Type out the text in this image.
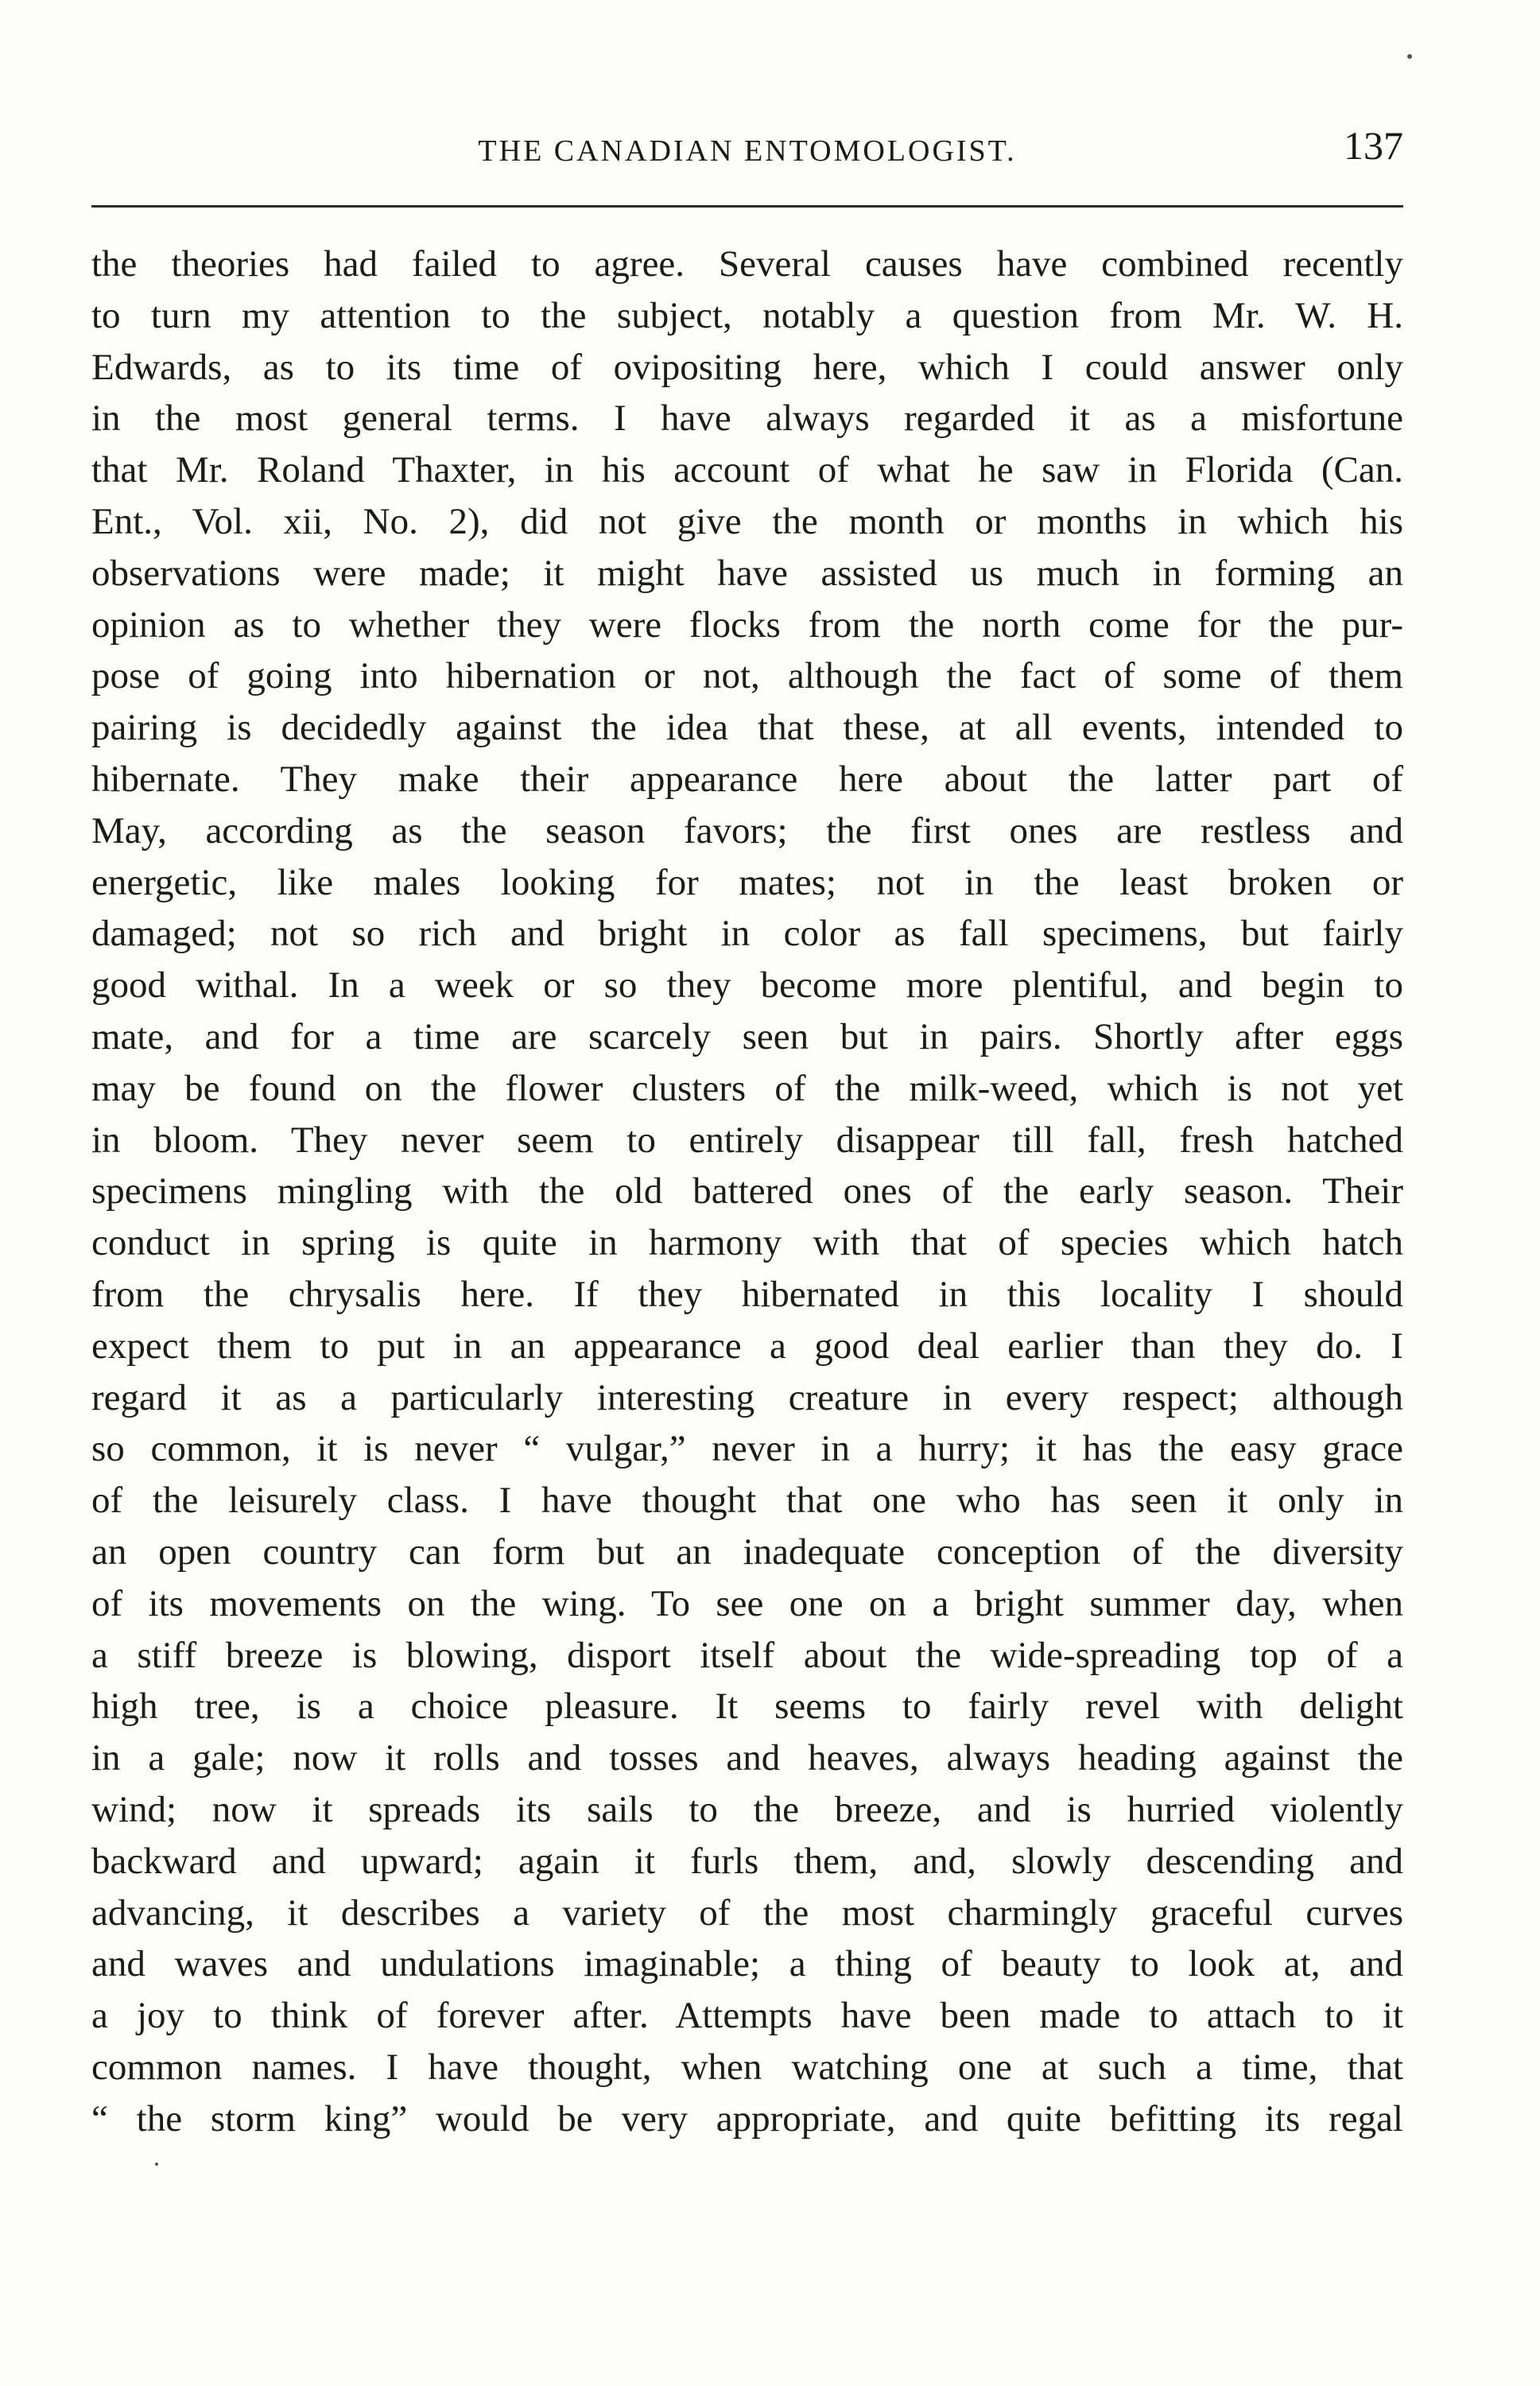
THE CANADIAN ENTOMOLOGIST.	137
the theories had failed to agree. Several causes have combined recently
to turn my attention to the subject, notably a question from Mr. W. H.
Edwards, as to its time of ovipositing here, which I could answer only
in the most general terms. I have always regarded it as a misfortune
that Mr. Roland Thaxter, in his account of what he saw in Florida (Can.
Ent., Vol. xii, No. 2), did not give the month or months in which his
observations were made; it might have assisted us much in forming an
opinion as to whether they were flocks from the north come for the pur-
pose of going into hibernation or not, although the fact of some of them
pairing is decidedly against the idea that these, at all events, intended to
hibernate. They make their appearance here about the latter part of
May, according as the season favors; the first ones are restless and
energetic, like males looking for mates; not in the least broken or
damaged; not so rich and bright in color as fall specimens, but fairly
good withal. In a week or so they become more plentiful, and begin to
mate, and for a time are scarcely seen but in pairs. Shortly after eggs
may be found on the flower clusters of the milk-weed, which is not yet
in bloom. They never seem to entirely disappear till fall, fresh hatched
specimens mingling with the old battered ones of the early season. Their
conduct in spring is quite in harmony with that of species which hatch
from the chrysalis here. If they hibernated in this locality I should
expect them to put in an appearance a good deal earlier than they do. I
regard it as a particularly interesting creature in every respect; although
so common, it is never “ vulgar,” never in a hurry; it has the easy grace
of the leisurely class. I have thought that one who has seen it only in
an open country can form but an inadequate conception of the diversity
of its movements on the wing. To see one on a bright summer day, when
a stiff breeze is blowing, disport itself about the wide-spreading top of a
high tree, is a choice pleasure. It seems to fairly revel with delight
in a gale; now it rolls and tosses and heaves, always heading against the
wind; now it spreads its sails to the breeze, and is hurried violently
backward and upward; again it furls them, and, slowly descending and
advancing, it describes a variety of the most charmingly graceful curves
and waves and undulations imaginable; a thing of beauty to look at, and
a joy to think of forever after. Attempts have been made to attach to it
common names. I have thought, when watching one at such a time, that
“ the storm king” would be very appropriate, and quite befitting its regal
